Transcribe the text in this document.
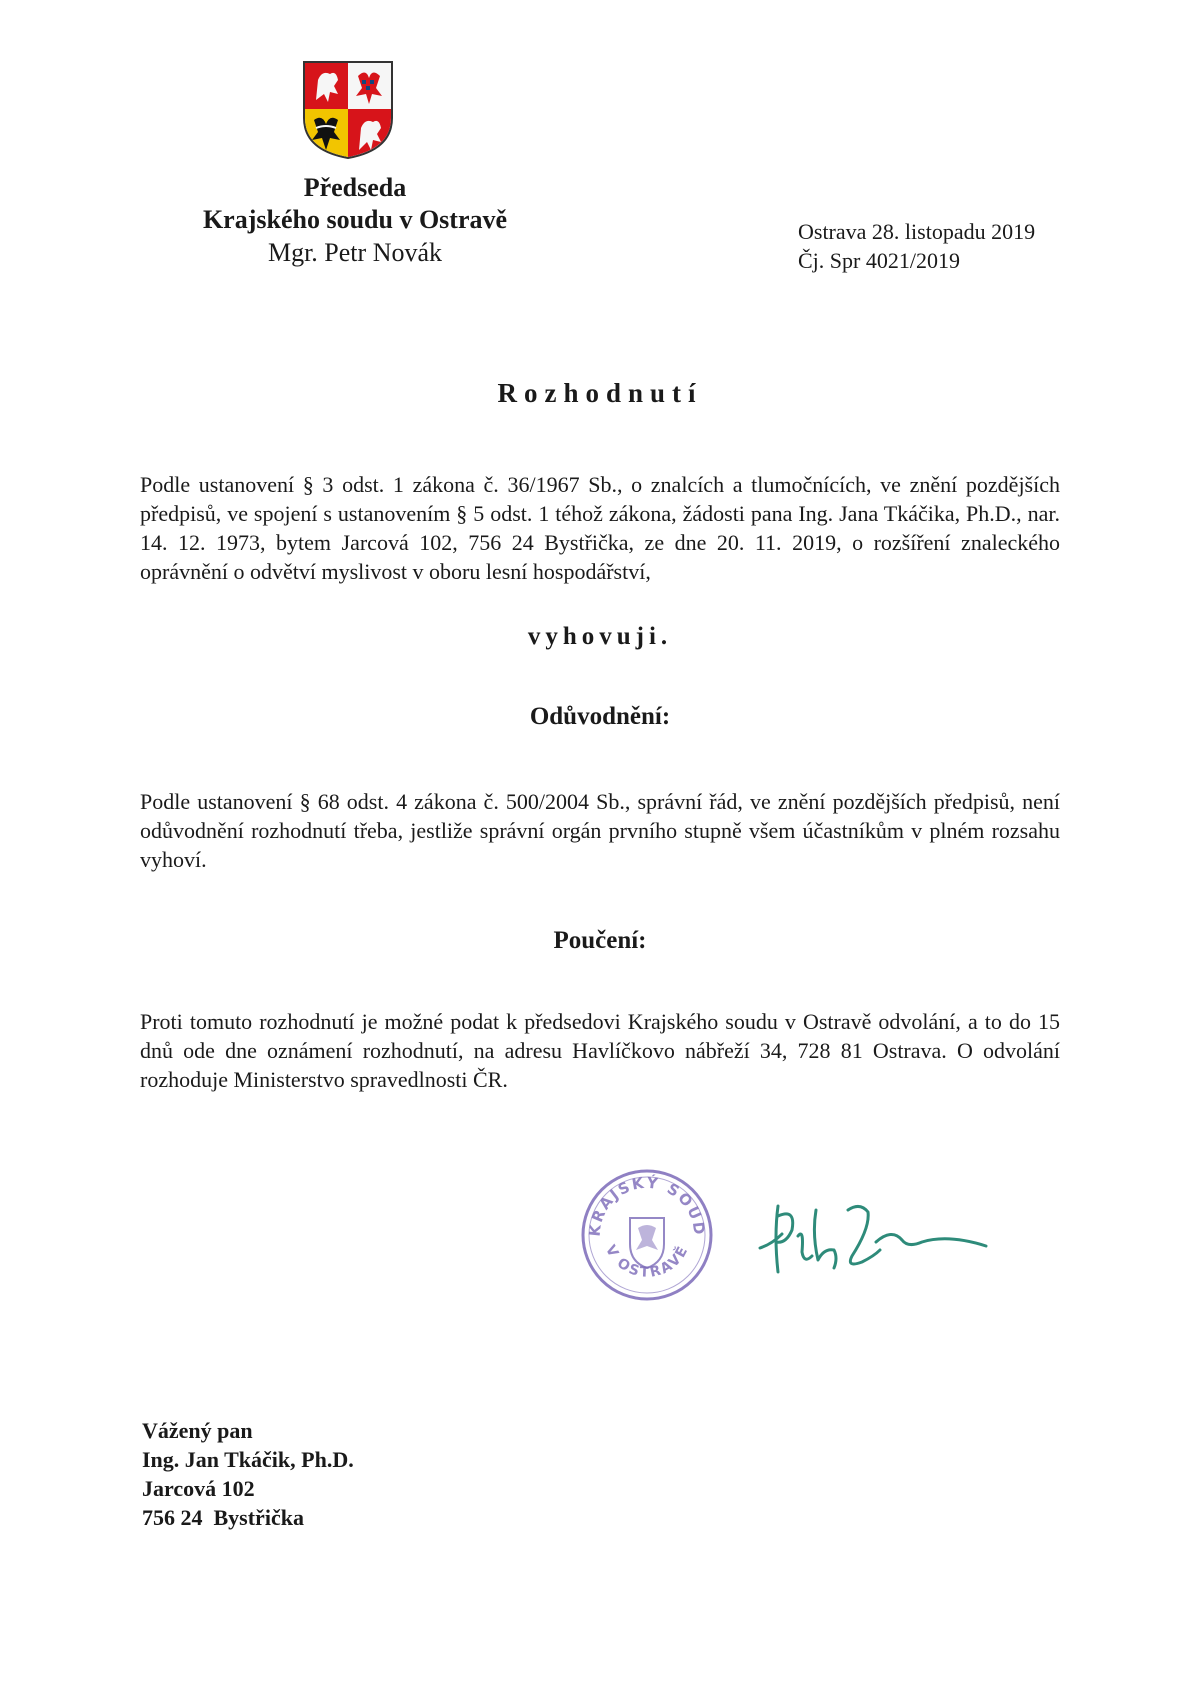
Předseda
Krajského soudu v Ostravě
Mgr. Petr Novák
Ostrava 28. listopadu 2019
Čj. Spr 4021/2019
Rozhodnutí
Podle ustanovení § 3 odst. 1 zákona č. 36/1967 Sb., o znalcích a tlumočnících, ve znění pozdějších předpisů, ve spojení s ustanovením § 5 odst. 1 téhož zákona, žádosti pana Ing. Jana Tkáčika, Ph.D., nar. 14. 12. 1973, bytem Jarcová 102, 756 24 Bystřička, ze dne 20. 11. 2019, o rozšíření znaleckého oprávnění o odvětví myslivost v oboru lesní hospodářství,
vyhovuji.
Odůvodnění:
Podle ustanovení § 68 odst. 4 zákona č. 500/2004 Sb., správní řád, ve znění pozdějších předpisů, není odůvodnění rozhodnutí třeba, jestliže správní orgán prvního stupně všem účastníkům v plném rozsahu vyhoví.
Poučení:
Proti tomuto rozhodnutí je možné podat k předsedovi Krajského soudu v Ostravě odvolání, a to do 15 dnů ode dne oznámení rozhodnutí, na adresu Havlíčkovo nábřeží 34, 728 81 Ostrava. O odvolání rozhoduje Ministerstvo spravedlnosti ČR.
KRAJSKÝ SOUD
V OSTRAVĚ
Vážený pan
Ing. Jan Tkáčik, Ph.D.
Jarcová 102
756 24  Bystřička
